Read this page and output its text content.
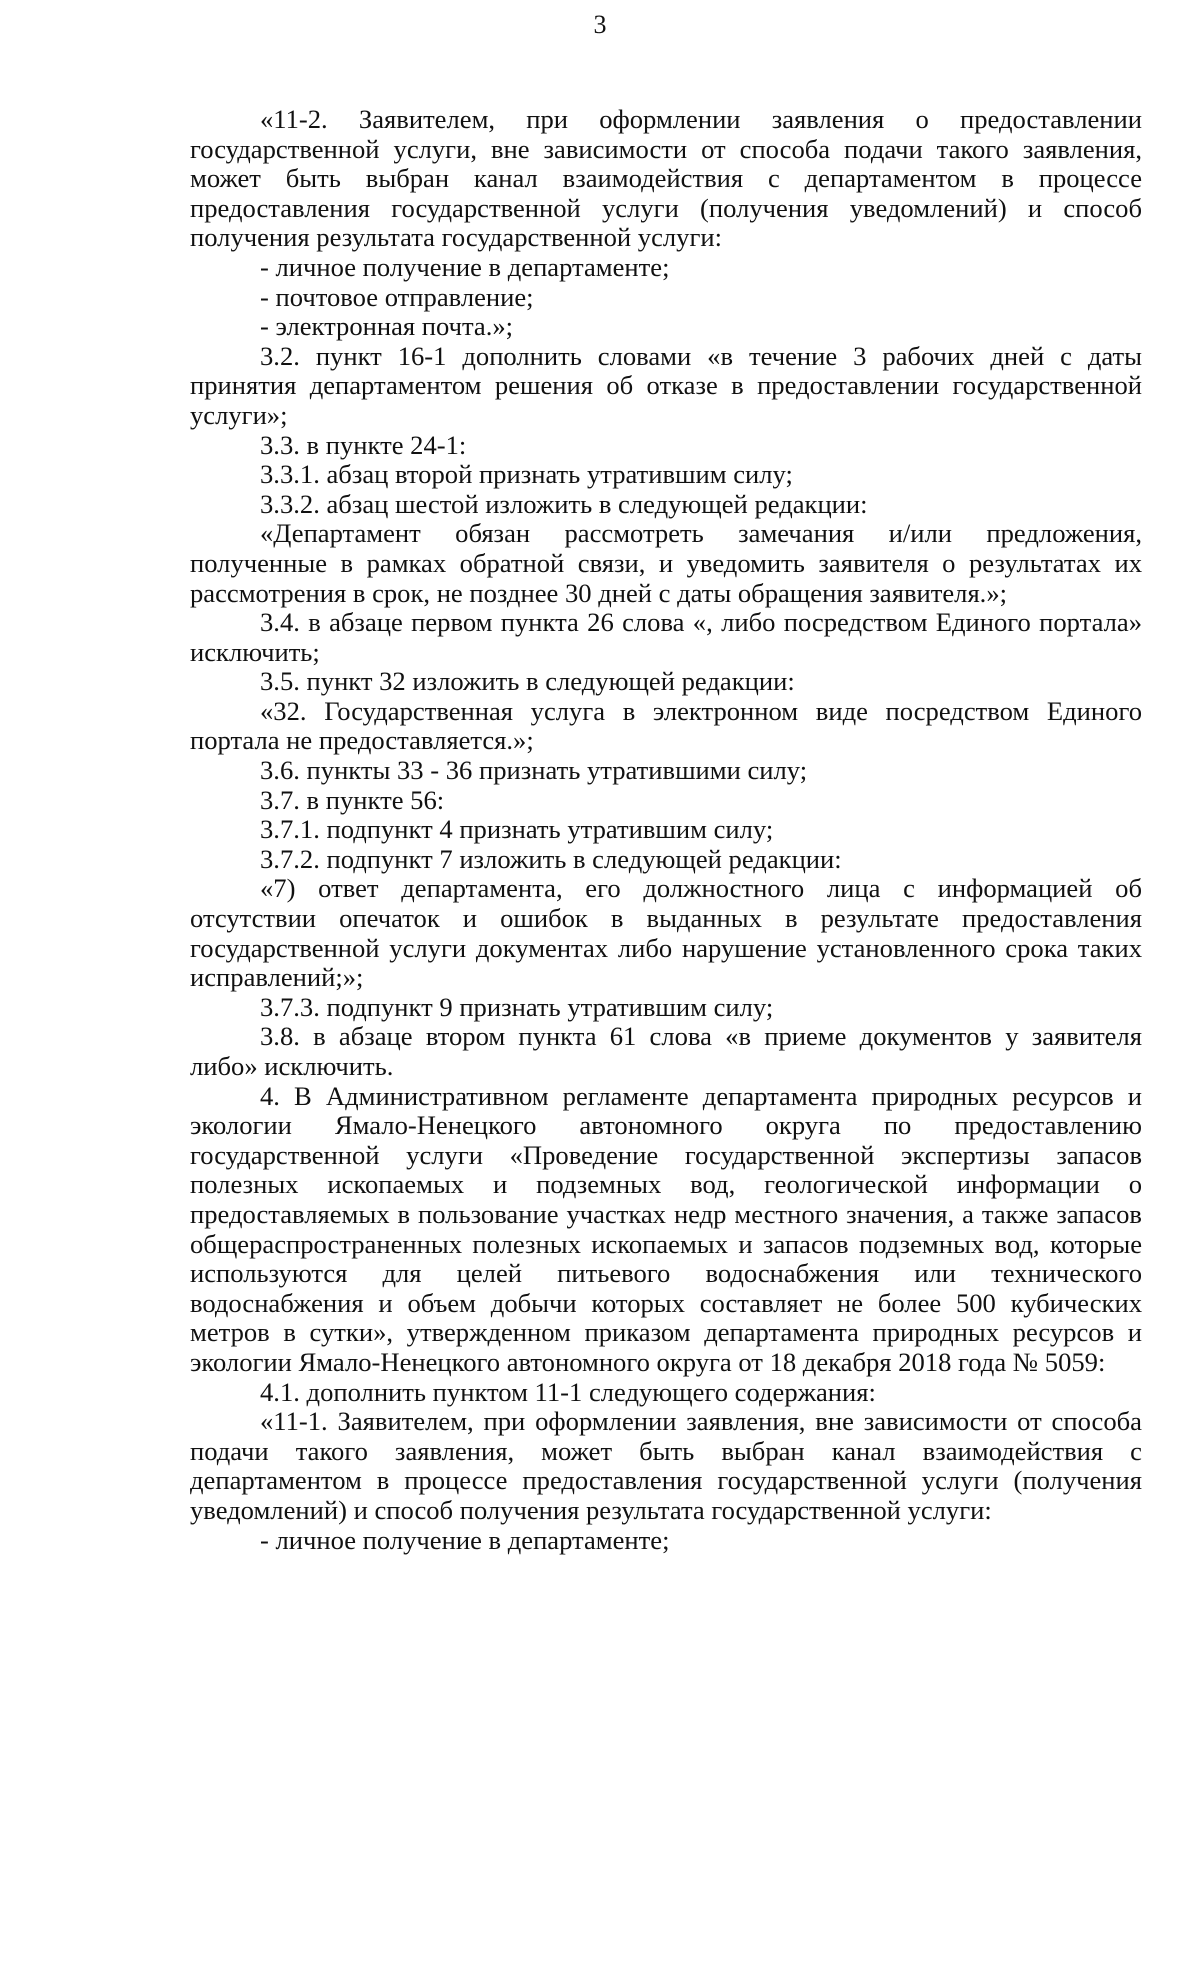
3

«11-2. Заявителем, при оформлении заявления о предоставлении государственной услуги, вне зависимости от способа подачи такого заявления, может быть выбран канал взаимодействия с департаментом в процессе предоставления государственной услуги (получения уведомлений) и способ получения результата государственной услуги:

- личное получение в департаменте;

- почтовое отправление;

- электронная почта.»;

3.2. пункт 16-1 дополнить словами «в течение 3 рабочих дней с даты принятия департаментом решения об отказе в предоставлении государственной услуги»;

3.3. в пункте 24-1:

3.3.1. абзац второй признать утратившим силу;

3.3.2. абзац шестой изложить в следующей редакции:

«Департамент обязан рассмотреть замечания и/или предложения, полученные в рамках обратной связи, и уведомить заявителя о результатах их рассмотрения в срок, не позднее 30 дней с даты обращения заявителя.»;

3.4. в абзаце первом пункта 26 слова «, либо посредством Единого портала» исключить;

3.5. пункт 32 изложить в следующей редакции:

«32. Государственная услуга в электронном виде посредством Единого портала не предоставляется.»;

3.6. пункты 33 - 36 признать утратившими силу;

3.7. в пункте 56:

3.7.1. подпункт 4 признать утратившим силу;

3.7.2. подпункт 7 изложить в следующей редакции:

«7) ответ департамента, его должностного лица с информацией об отсутствии опечаток и ошибок в выданных в результате предоставления государственной услуги документах либо нарушение установленного срока таких исправлений;»;

3.7.3. подпункт 9 признать утратившим силу;

3.8. в абзаце втором пункта 61 слова «в приеме документов у заявителя либо» исключить.

4. В Административном регламенте департамента природных ресурсов и экологии Ямало-Ненецкого автономного округа по предоставлению государственной услуги «Проведение государственной экспертизы запасов полезных ископаемых и подземных вод, геологической информации о предоставляемых в пользование участках недр местного значения, а также запасов общераспространенных полезных ископаемых и запасов подземных вод, которые используются для целей питьевого водоснабжения или технического водоснабжения и объем добычи которых составляет не более 500 кубических метров в сутки», утвержденном приказом департамента природных ресурсов и экологии Ямало-Ненецкого автономного округа от 18 декабря 2018 года № 5059:

4.1. дополнить пунктом 11-1 следующего содержания:

«11-1. Заявителем, при оформлении заявления, вне зависимости от способа подачи такого заявления, может быть выбран канал взаимодействия с департаментом в процессе предоставления государственной услуги (получения уведомлений) и способ получения результата государственной услуги:

- личное получение в департаменте;
